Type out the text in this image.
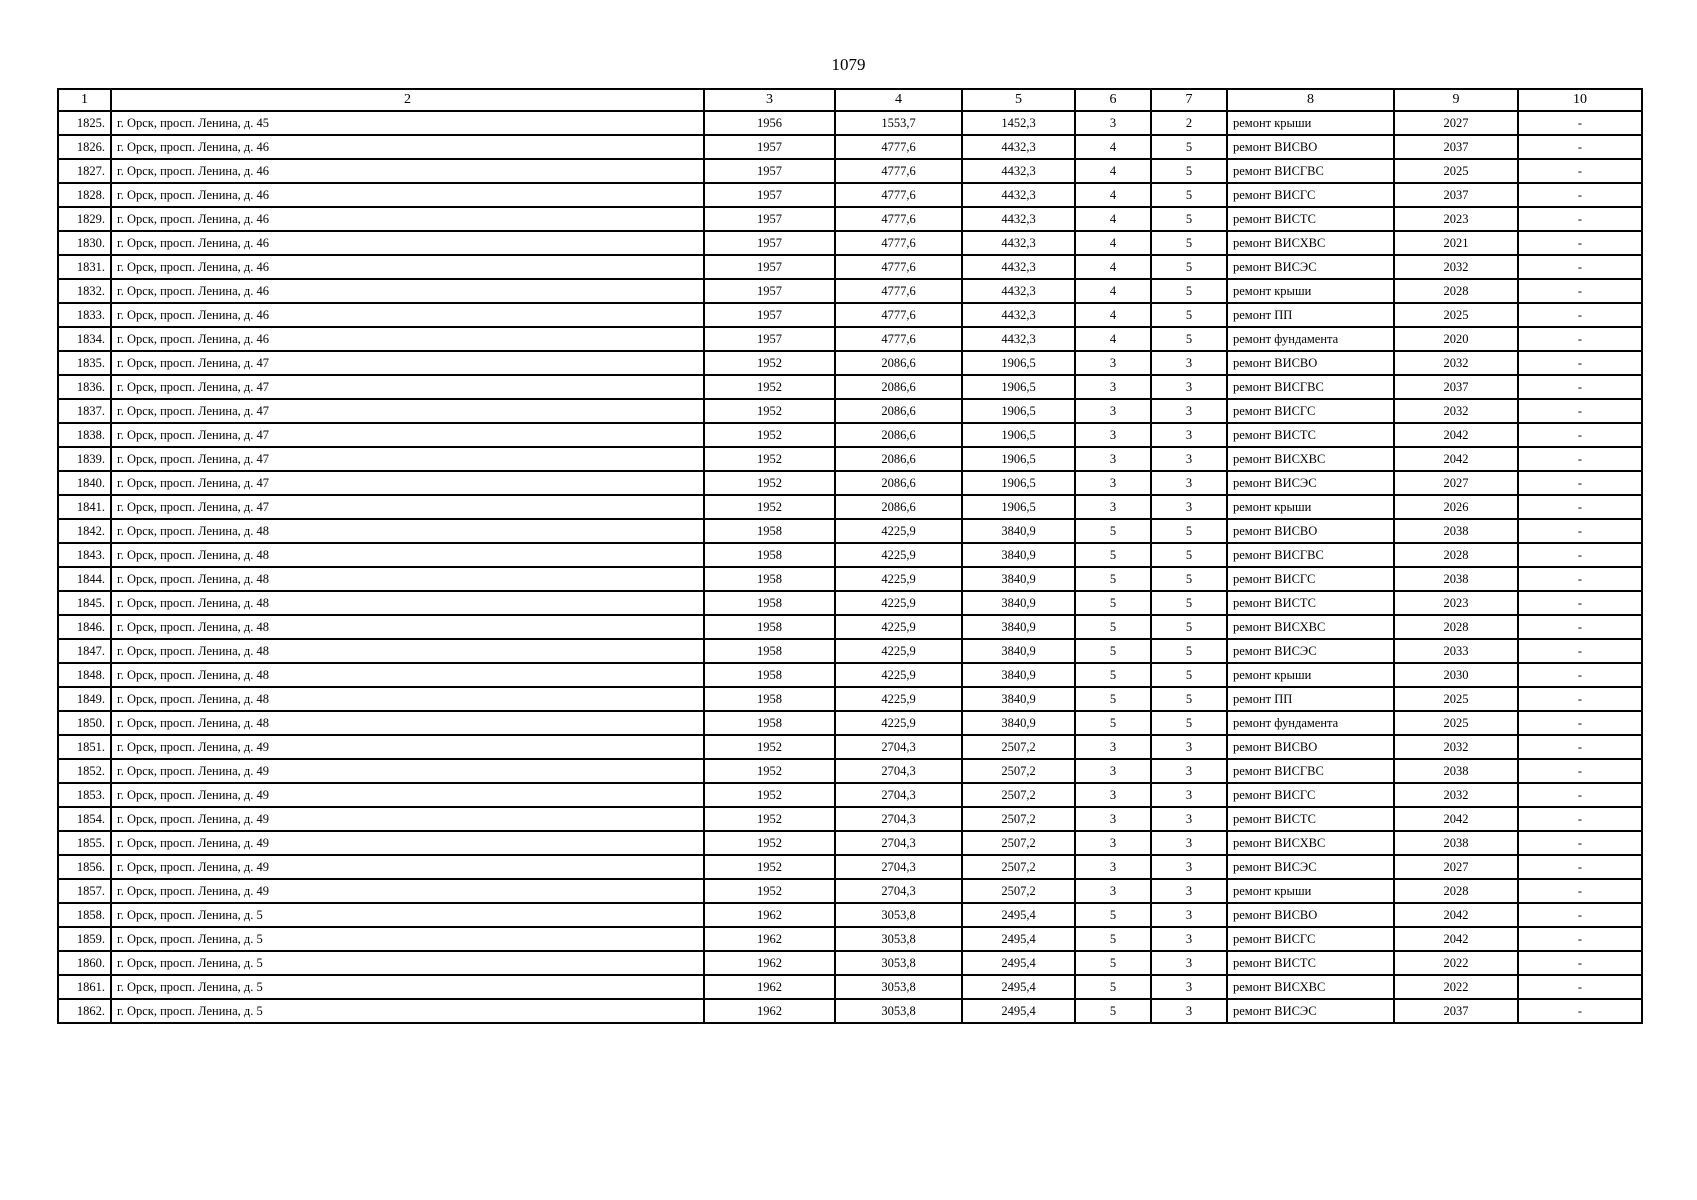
1079
1	2	3	4	5	6	7	8	9	10
1825.	г. Орск, просп. Ленина, д. 45	1956	1553,7	1452,3	3	2	ремонт крыши	2027	-
1826.	г. Орск, просп. Ленина, д. 46	1957	4777,6	4432,3	4	5	ремонт ВИСВО	2037	-
1827.	г. Орск, просп. Ленина, д. 46	1957	4777,6	4432,3	4	5	ремонт ВИСГВС	2025	-
1828.	г. Орск, просп. Ленина, д. 46	1957	4777,6	4432,3	4	5	ремонт ВИСГС	2037	-
1829.	г. Орск, просп. Ленина, д. 46	1957	4777,6	4432,3	4	5	ремонт ВИСТС	2023	-
1830.	г. Орск, просп. Ленина, д. 46	1957	4777,6	4432,3	4	5	ремонт ВИСХВС	2021	-
1831.	г. Орск, просп. Ленина, д. 46	1957	4777,6	4432,3	4	5	ремонт ВИСЭС	2032	-
1832.	г. Орск, просп. Ленина, д. 46	1957	4777,6	4432,3	4	5	ремонт крыши	2028	-
1833.	г. Орск, просп. Ленина, д. 46	1957	4777,6	4432,3	4	5	ремонт ПП	2025	-
1834.	г. Орск, просп. Ленина, д. 46	1957	4777,6	4432,3	4	5	ремонт фундамента	2020	-
1835.	г. Орск, просп. Ленина, д. 47	1952	2086,6	1906,5	3	3	ремонт ВИСВО	2032	-
1836.	г. Орск, просп. Ленина, д. 47	1952	2086,6	1906,5	3	3	ремонт ВИСГВС	2037	-
1837.	г. Орск, просп. Ленина, д. 47	1952	2086,6	1906,5	3	3	ремонт ВИСГС	2032	-
1838.	г. Орск, просп. Ленина, д. 47	1952	2086,6	1906,5	3	3	ремонт ВИСТС	2042	-
1839.	г. Орск, просп. Ленина, д. 47	1952	2086,6	1906,5	3	3	ремонт ВИСХВС	2042	-
1840.	г. Орск, просп. Ленина, д. 47	1952	2086,6	1906,5	3	3	ремонт ВИСЭС	2027	-
1841.	г. Орск, просп. Ленина, д. 47	1952	2086,6	1906,5	3	3	ремонт крыши	2026	-
1842.	г. Орск, просп. Ленина, д. 48	1958	4225,9	3840,9	5	5	ремонт ВИСВО	2038	-
1843.	г. Орск, просп. Ленина, д. 48	1958	4225,9	3840,9	5	5	ремонт ВИСГВС	2028	-
1844.	г. Орск, просп. Ленина, д. 48	1958	4225,9	3840,9	5	5	ремонт ВИСГС	2038	-
1845.	г. Орск, просп. Ленина, д. 48	1958	4225,9	3840,9	5	5	ремонт ВИСТС	2023	-
1846.	г. Орск, просп. Ленина, д. 48	1958	4225,9	3840,9	5	5	ремонт ВИСХВС	2028	-
1847.	г. Орск, просп. Ленина, д. 48	1958	4225,9	3840,9	5	5	ремонт ВИСЭС	2033	-
1848.	г. Орск, просп. Ленина, д. 48	1958	4225,9	3840,9	5	5	ремонт крыши	2030	-
1849.	г. Орск, просп. Ленина, д. 48	1958	4225,9	3840,9	5	5	ремонт ПП	2025	-
1850.	г. Орск, просп. Ленина, д. 48	1958	4225,9	3840,9	5	5	ремонт фундамента	2025	-
1851.	г. Орск, просп. Ленина, д. 49	1952	2704,3	2507,2	3	3	ремонт ВИСВО	2032	-
1852.	г. Орск, просп. Ленина, д. 49	1952	2704,3	2507,2	3	3	ремонт ВИСГВС	2038	-
1853.	г. Орск, просп. Ленина, д. 49	1952	2704,3	2507,2	3	3	ремонт ВИСГС	2032	-
1854.	г. Орск, просп. Ленина, д. 49	1952	2704,3	2507,2	3	3	ремонт ВИСТС	2042	-
1855.	г. Орск, просп. Ленина, д. 49	1952	2704,3	2507,2	3	3	ремонт ВИСХВС	2038	-
1856.	г. Орск, просп. Ленина, д. 49	1952	2704,3	2507,2	3	3	ремонт ВИСЭС	2027	-
1857.	г. Орск, просп. Ленина, д. 49	1952	2704,3	2507,2	3	3	ремонт крыши	2028	-
1858.	г. Орск, просп. Ленина, д. 5	1962	3053,8	2495,4	5	3	ремонт ВИСВО	2042	-
1859.	г. Орск, просп. Ленина, д. 5	1962	3053,8	2495,4	5	3	ремонт ВИСГС	2042	-
1860.	г. Орск, просп. Ленина, д. 5	1962	3053,8	2495,4	5	3	ремонт ВИСТС	2022	-
1861.	г. Орск, просп. Ленина, д. 5	1962	3053,8	2495,4	5	3	ремонт ВИСХВС	2022	-
1862.	г. Орск, просп. Ленина, д. 5	1962	3053,8	2495,4	5	3	ремонт ВИСЭС	2037	-
